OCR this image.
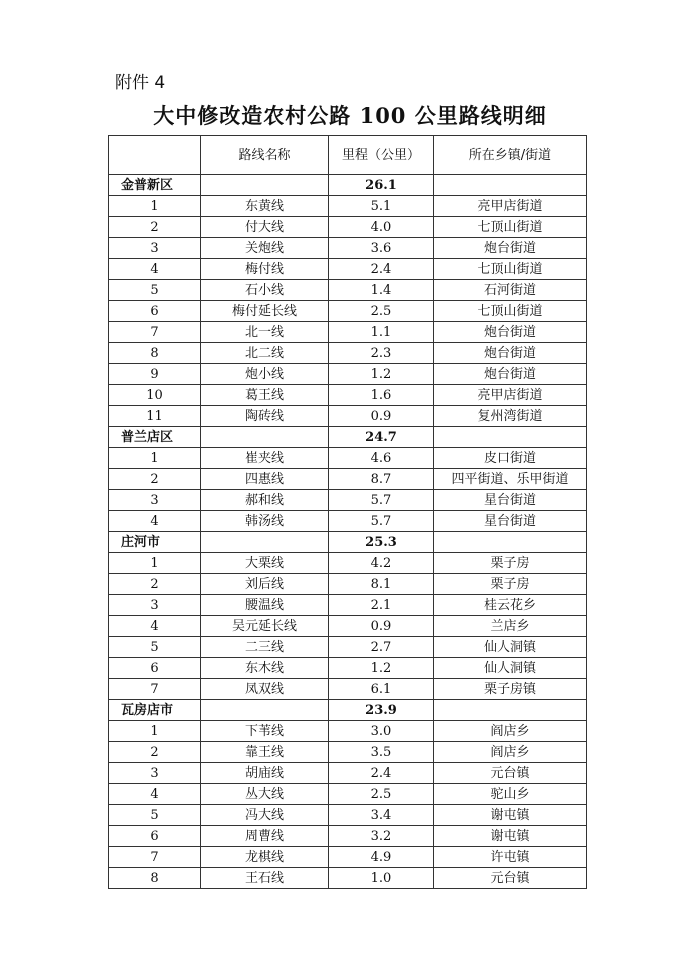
附件 4
大中修改造农村公路 100 公里路线明细
	路线名称	里程（公里）	所在乡镇/街道
金普新区		26.1	
1	东黄线	5.1	亮甲店街道
2	付大线	4.0	七顶山街道
3	关炮线	3.6	炮台街道
4	梅付线	2.4	七顶山街道
5	石小线	1.4	石河街道
6	梅付延长线	2.5	七顶山街道
7	北一线	1.1	炮台街道
8	北二线	2.3	炮台街道
9	炮小线	1.2	炮台街道
10	葛王线	1.6	亮甲店街道
11	陶砖线	0.9	复州湾街道
普兰店区		24.7	
1	崔夹线	4.6	皮口街道
2	四惠线	8.7	四平街道、乐甲街道
3	郝和线	5.7	星台街道
4	韩汤线	5.7	星台街道
庄河市		25.3	
1	大栗线	4.2	栗子房
2	刘后线	8.1	栗子房
3	腰温线	2.1	桂云花乡
4	吴元延长线	0.9	兰店乡
5	二三线	2.7	仙人洞镇
6	东木线	1.2	仙人洞镇
7	凤双线	6.1	栗子房镇
瓦房店市		23.9	
1	下苇线	3.0	阎店乡
2	靠王线	3.5	阎店乡
3	胡庙线	2.4	元台镇
4	丛大线	2.5	驼山乡
5	冯大线	3.4	谢屯镇
6	周曹线	3.2	谢屯镇
7	龙棋线	4.9	许屯镇
8	王石线	1.0	元台镇
